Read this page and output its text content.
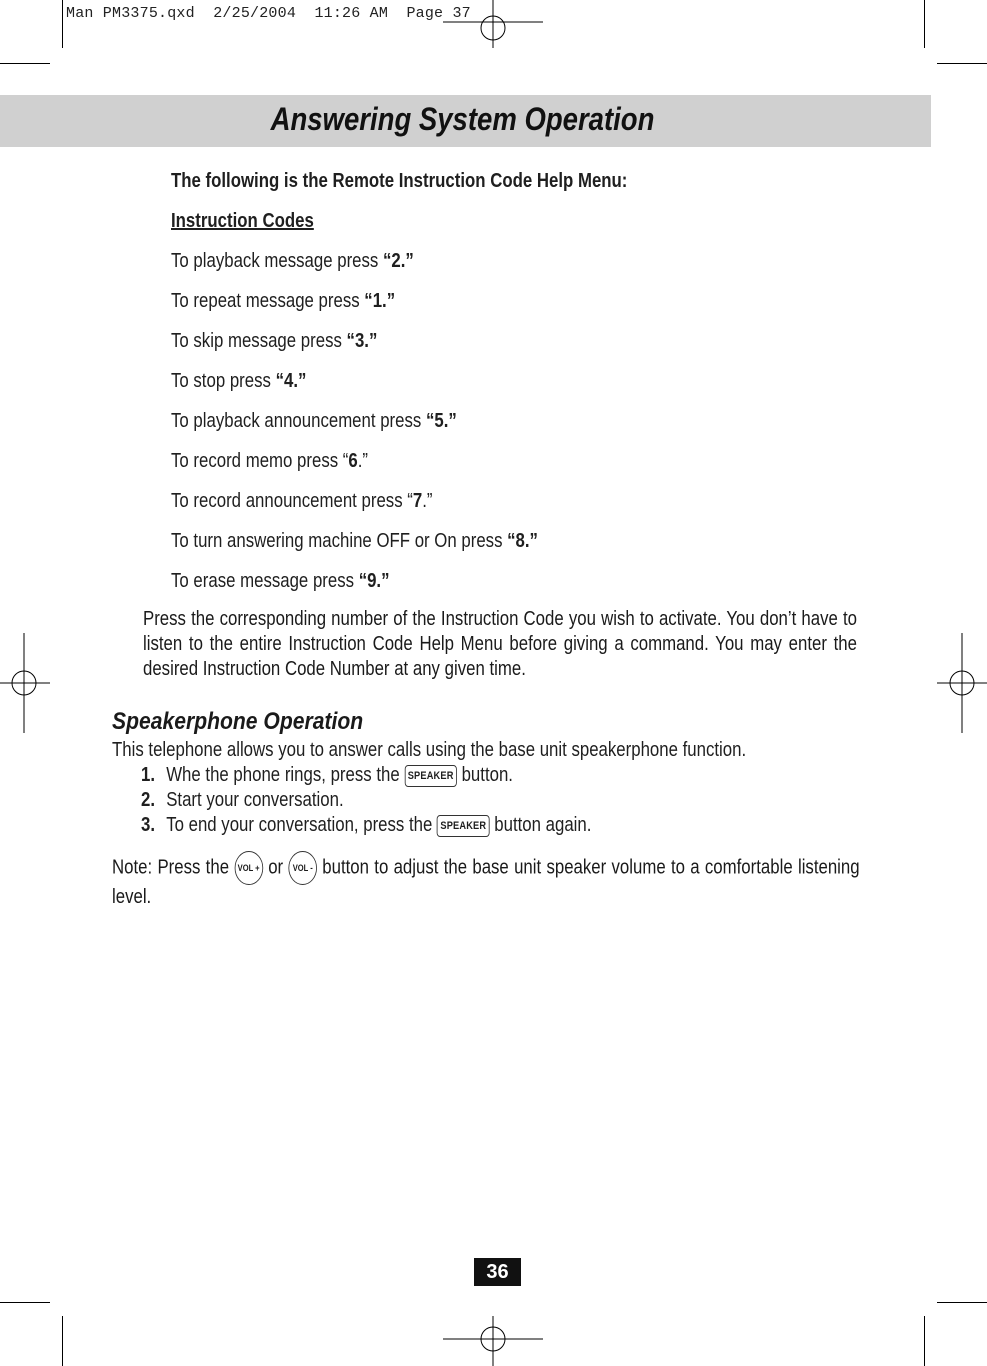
Man PM3375.qxd  2/25/2004  11:26 AM  Page 37
Answering System Operation
The following is the Remote Instruction Code Help Menu:
Instruction Codes
To playback message press “2.”
To repeat message press “1.”
To skip message press “3.”
To stop press “4.”
To playback announcement press “5.”
To record memo press “6.”
To record announcement press “7.”
To turn answering machine OFF or On press “8.”
To erase message press “9.”
Press the corresponding number of the Instruction Code you wish to activate. You don’t have to listen to the entire Instruction Code Help Menu before giving a command. You may enter the desired Instruction Code Number at any given time.
Speakerphone Operation
This telephone allows you to answer calls using the base unit speakerphone function.
1. Whe the phone rings, press the SPEAKER button.
2. Start your conversation.
3. To end your conversation, press the SPEAKER button again.
Note: Press the VOL + or VOL - button to adjust the base unit speaker volume to a comfortable listening level.
36
